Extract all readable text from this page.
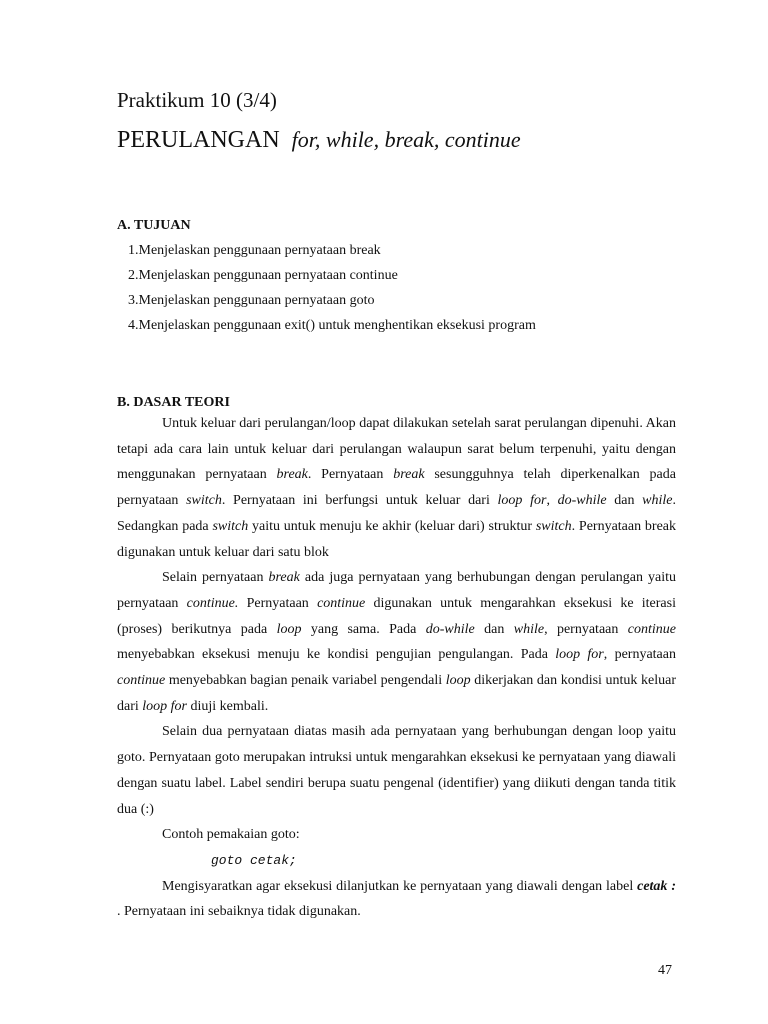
Praktikum 10 (3/4)
PERULANGAN for, while, break, continue
A. TUJUAN
1.Menjelaskan penggunaan pernyataan break
2.Menjelaskan penggunaan pernyataan continue
3.Menjelaskan penggunaan pernyataan goto
4.Menjelaskan penggunaan exit() untuk menghentikan eksekusi program
B. DASAR TEORI

Untuk keluar dari perulangan/loop dapat dilakukan setelah sarat perulangan dipenuhi. Akan tetapi ada cara lain untuk keluar dari perulangan walaupun sarat belum terpenuhi, yaitu dengan menggunakan pernyataan break. Pernyataan break sesungguhnya telah diperkenalkan pada pernyataan switch. Pernyataan ini berfungsi untuk keluar dari loop for, do-while dan while. Sedangkan pada switch yaitu untuk menuju ke akhir (keluar dari) struktur switch. Pernyataan break digunakan untuk keluar dari satu blok

Selain pernyataan break ada juga pernyataan yang berhubungan dengan perulangan yaitu pernyataan continue. Pernyataan continue digunakan untuk mengarahkan eksekusi ke iterasi (proses) berikutnya pada loop yang sama. Pada do-while dan while, pernyataan continue menyebabkan eksekusi menuju ke kondisi pengujian pengulangan. Pada loop for, pernyataan continue menyebabkan bagian penaik variabel pengendali loop dikerjakan dan kondisi untuk keluar dari loop for diuji kembali.

Selain dua pernyataan diatas masih ada pernyataan yang berhubungan dengan loop yaitu goto. Pernyataan goto merupakan intruksi untuk mengarahkan eksekusi ke pernyataan yang diawali dengan suatu label. Label sendiri berupa suatu pengenal (identifier) yang diikuti dengan tanda titik dua (:)

Contoh pemakaian goto:

goto cetak;

Mengisyaratkan agar eksekusi dilanjutkan ke pernyataan yang diawali dengan label cetak : . Pernyataan ini sebaiknya tidak digunakan.

47
